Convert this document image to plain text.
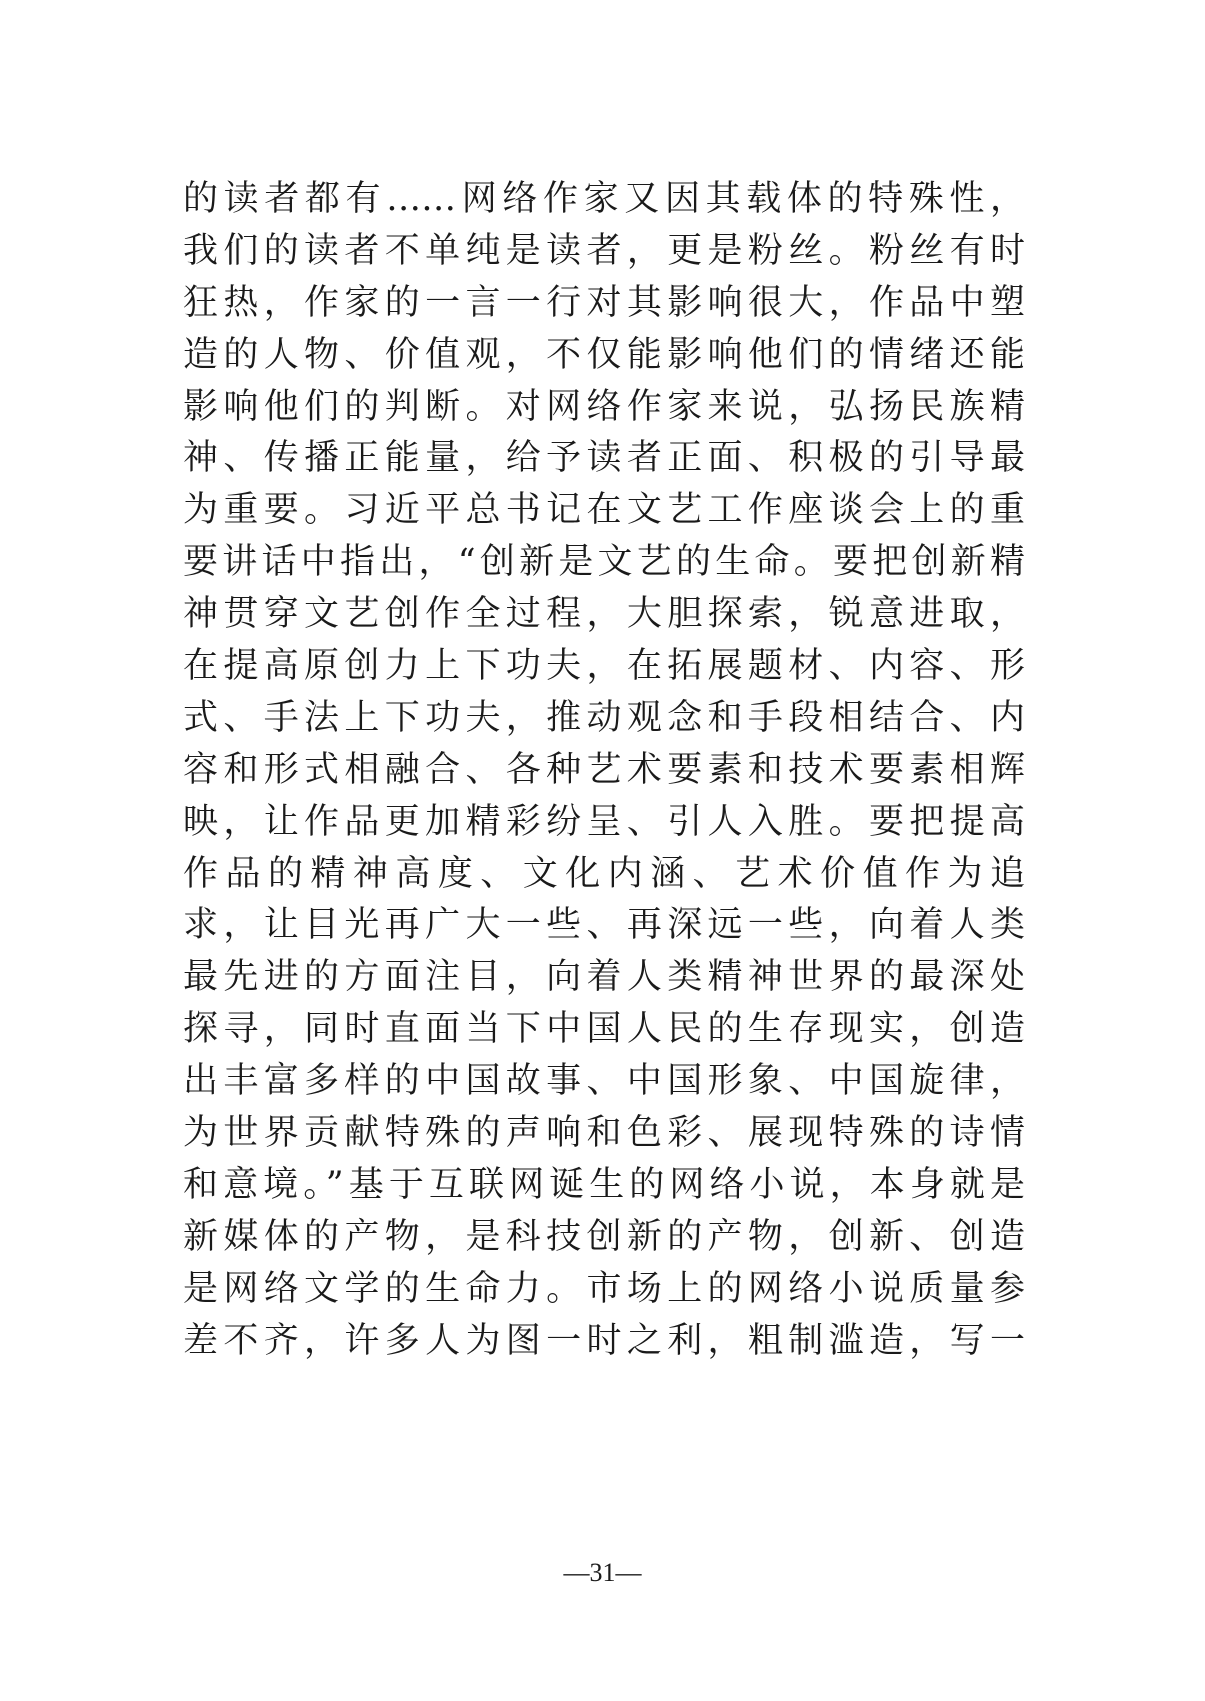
的读者都有……网络作家又因其载体的特殊性，
我们的读者不单纯是读者，更是粉丝。粉丝有时
狂热，作家的一言一行对其影响很大，作品中塑
造的人物、价值观，不仅能影响他们的情绪还能
影响他们的判断。对网络作家来说，弘扬民族精
神、传播正能量，给予读者正面、积极的引导最
为重要。习近平总书记在文艺工作座谈会上的重
要讲话中指出，“创新是文艺的生命。要把创新精
神贯穿文艺创作全过程，大胆探索，锐意进取，
在提高原创力上下功夫，在拓展题材、内容、形
式、手法上下功夫，推动观念和手段相结合、内
容和形式相融合、各种艺术要素和技术要素相辉
映，让作品更加精彩纷呈、引人入胜。要把提高
作品的精神高度、文化内涵、艺术价值作为追
求，让目光再广大一些、再深远一些，向着人类
最先进的方面注目，向着人类精神世界的最深处
探寻，同时直面当下中国人民的生存现实，创造
出丰富多样的中国故事、中国形象、中国旋律，
为世界贡献特殊的声响和色彩、展现特殊的诗情
和意境。”基于互联网诞生的网络小说，本身就是
新媒体的产物，是科技创新的产物，创新、创造
是网络文学的生命力。市场上的网络小说质量参
差不齐，许多人为图一时之利，粗制滥造，写一
—31—
